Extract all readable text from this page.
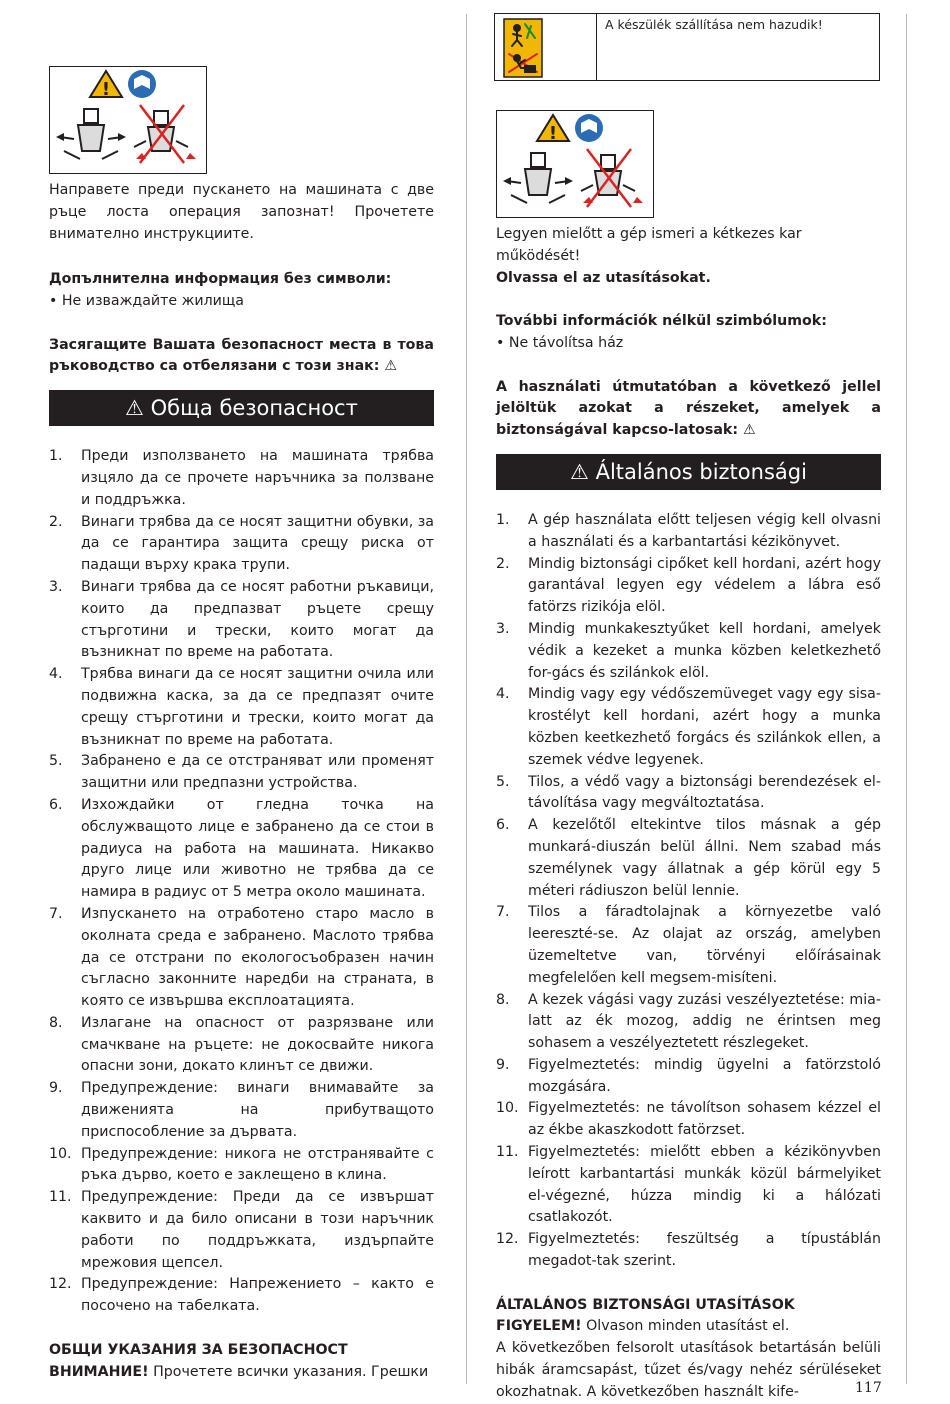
A készülék szállítása nem hazudik!
!
Направете преди пускането на машината с две ръце лоста операция запознат! Прочетете внимателно инструкциите.
Допълнителна информация без символи:
• Не изваждайте жилища
Засягащите Вашата безопасност места в това ръководство са отбелязани с този знак: ⚠
⚠ Обща безопасност
1. Преди използването на машината трябва изцяло да се прочете наръчника за ползване и поддръжка.
2. Винаги трябва да се носят защитни обувки, за да се гарантира защита срещу риска от падащи върху крака трупи.
3. Винаги трябва да се носят работни ръкавици, които да предпазват ръцете срещу стърготини и трески, които могат да възникнат по време на работата.
4. Трябва винаги да се носят защитни очила или подвижна каска, за да се предпазят очите срещу стърготини и трески, които могат да възникнат по време на работата.
5. Забранено е да се отстраняват или променят защитни или предпазни устройства.
6. Изхождайки от гледна точка на обслужващото лице е забранено да се стои в радиуса на работа на машината. Никакво друго лице или животно не трябва да се намира в радиус от 5 метра около машината.
7. Изпускането на отработено старо масло в околната среда е забранено. Маслото трябва да се отстрани по екологосъобразен начин съгласно законните наредби на страната, в която се извършва експлоатацията.
8. Излагане на опасност от разрязване или смачкване на ръцете: не докосвайте никога опасни зони, докато клинът се движи.
9. Предупреждение: винаги внимавайте за движенията на прибутващото приспособление за дървата.
10. Предупреждение: никога не отстранявайте с ръка дърво, което е заклещено в клина.
11. Предупреждение: Преди да се извършат каквито и да било описани в този наръчник работи по поддръжката, издърпайте мрежовия щепсел.
12. Предупреждение: Напрежението – както е посочено на табелката.
ОБЩИ УКАЗАНИЯ ЗА БЕЗОПАСНОСТ
ВНИМАНИЕ! Прочетете всички указания. Грешки
!
Legyen mielőtt a gép ismeri a kétkezes kar működését!
Olvassa el az utasításokat.
További információk nélkül szimbólumok:
• Ne távolítsa ház
A használati útmutatóban a következő jellel jelöltük azokat a részeket, amelyek a biztonságával kapcso-latosak: ⚠
⚠ Általános biztonsági
1. A gép használata előtt teljesen végig kell olvasni a használati és a karbantartási kézikönyvet.
2. Mindig biztonsági cipőket kell hordani, azért hogy garantával legyen egy védelem a lábra eső fatörzs rizikója elöl.
3. Mindig munkakesztyűket kell hordani, amelyek védik a kezeket a munka közben keletkezhető for-gács és szilánkok elöl.
4. Mindig vagy egy védőszemüveget vagy egy sisa-krostélyt kell hordani, azért hogy a munka közben keetkezhető forgács és szilánkok ellen, a szemek védve legyenek.
5. Tilos, a védő vagy a biztonsági berendezések el-távolítása vagy megváltoztatása.
6. A kezelőtől eltekintve tilos másnak a gép munkará-diuszán belül állni. Nem szabad más személynek vagy állatnak a gép körül egy 5 méteri rádiuszon belül lennie.
7. Tilos a fáradtolajnak a környezetbe való leereszté-se. Az olajat az ország, amelyben üzemeltetve van, törvényi előírásainak megfelelően kell megsem-misíteni.
8. A kezek vágási vagy zuzási veszélyeztetése: mia-latt az ék mozog, addig ne érintsen meg sohasem a veszélyeztetett részlegeket.
9. Figyelmeztetés: mindig ügyelni a fatörzstoló mozgására.
10. Figyelmeztetés: ne távolítson sohasem kézzel el az ékbe akaszkodott fatörzset.
11. Figyelmeztetés: mielőtt ebben a kézikönyvben leírott karbantartási munkák közül bármelyiket el-végezné, húzza mindig ki a hálózati csatlakozót.
12. Figyelmeztetés: feszültség a típustáblán megadot-tak szerint.
ÁLTALÁNOS BIZTONSÁGI UTASÍTÁSOK
FIGYELEM! Olvason minden utasítást el.
A következőben felsorolt utasítások betartásán belüli hibák áramcsapást, tűzet és/vagy nehéz sérüléseket okozhatnak. A következőben használt kife-	117
